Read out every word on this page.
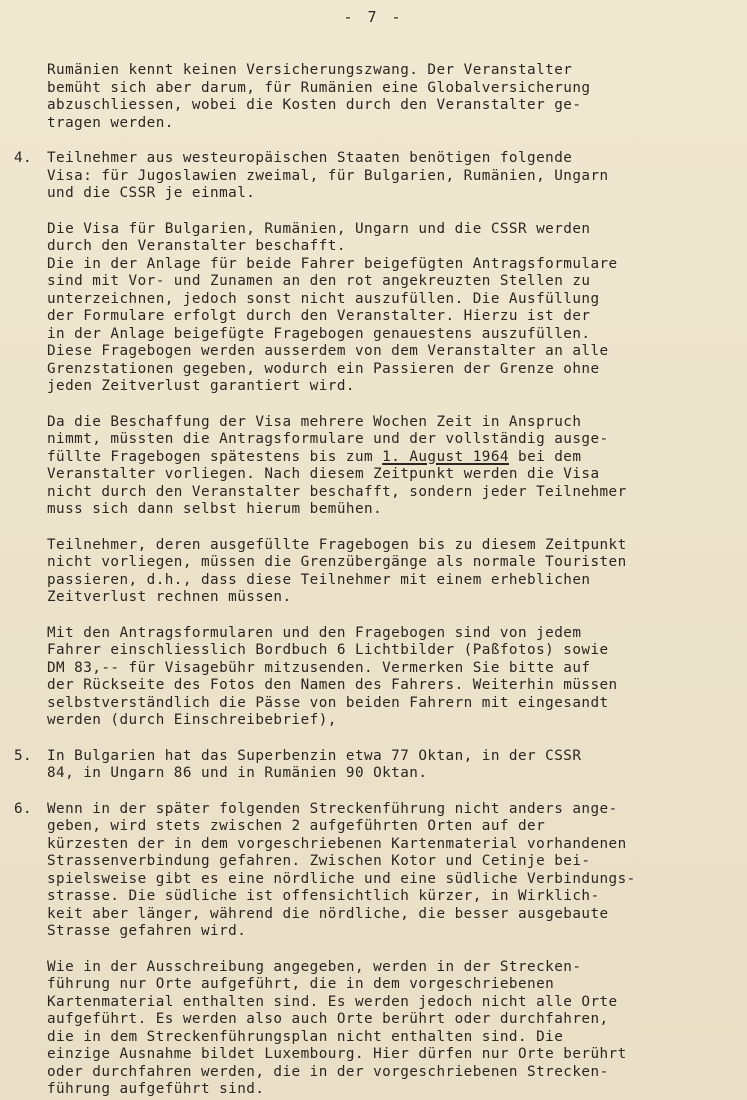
- 7 -
Rumänien kennt keinen Versicherungszwang. Der Veranstalter
bemüht sich aber darum, für Rumänien eine Globalversicherung
abzuschliessen, wobei die Kosten durch den Veranstalter ge-
tragen werden.
4. Teilnehmer aus westeuropäischen Staaten benötigen folgende
Visa: für Jugoslawien zweimal, für Bulgarien, Rumänien, Ungarn
und die CSSR je einmal.
Die Visa für Bulgarien, Rumänien, Ungarn und die CSSR werden
durch den Veranstalter beschafft.
Die in der Anlage für beide Fahrer beigefügten Antragsformulare
sind mit Vor- und Zunamen an den rot angekreuzten Stellen zu
unterzeichnen, jedoch sonst nicht auszufüllen. Die Ausfüllung
der Formulare erfolgt durch den Veranstalter. Hierzu ist der
in der Anlage beigefügte Fragebogen genauestens auszufüllen.
Diese Fragebogen werden ausserdem von dem Veranstalter an alle
Grenzstationen gegeben, wodurch ein Passieren der Grenze ohne
jeden Zeitverlust garantiert wird.
Da die Beschaffung der Visa mehrere Wochen Zeit in Anspruch
nimmt, müssten die Antragsformulare und der vollständig ausge-
füllte Fragebogen spätestens bis zum 1. August 1964 bei dem
Veranstalter vorliegen. Nach diesem Zeitpunkt werden die Visa
nicht durch den Veranstalter beschafft, sondern jeder Teilnehmer
muss sich dann selbst hierum bemühen.
Teilnehmer, deren ausgefüllte Fragebogen bis zu diesem Zeitpunkt
nicht vorliegen, müssen die Grenzübergänge als normale Touristen
passieren, d.h., dass diese Teilnehmer mit einem erheblichen
Zeitverlust rechnen müssen.
Mit den Antragsformularen und den Fragebogen sind von jedem
Fahrer einschliesslich Bordbuch 6 Lichtbilder (Paßfotos) sowie
DM 83,-- für Visagebühr mitzusenden. Vermerken Sie bitte auf
der Rückseite des Fotos den Namen des Fahrers. Weiterhin müssen
selbstverständlich die Pässe von beiden Fahrern mit eingesandt
werden (durch Einschreibebrief),
5. In Bulgarien hat das Superbenzin etwa 77 Oktan, in der CSSR
84, in Ungarn 86 und in Rumänien 90 Oktan.
6. Wenn in der später folgenden Streckenführung nicht anders ange-
geben, wird stets zwischen 2 aufgeführten Orten auf der
kürzesten der in dem vorgeschriebenen Kartenmaterial vorhandenen
Strassenverbindung gefahren. Zwischen Kotor und Cetinje bei-
spielsweise gibt es eine nördliche und eine südliche Verbindungs-
strasse. Die südliche ist offensichtlich kürzer, in Wirklich-
keit aber länger, während die nördliche, die besser ausgebaute
Strasse gefahren wird.
Wie in der Ausschreibung angegeben, werden in der Strecken-
führung nur Orte aufgeführt, die in dem vorgeschriebenen
Kartenmaterial enthalten sind. Es werden jedoch nicht alle Orte
aufgeführt. Es werden also auch Orte berührt oder durchfahren,
die in dem Streckenführungsplan nicht enthalten sind. Die
einzige Ausnahme bildet Luxembourg. Hier dürfen nur Orte berührt
oder durchfahren werden, die in der vorgeschriebenen Strecken-
führung aufgeführt sind.
